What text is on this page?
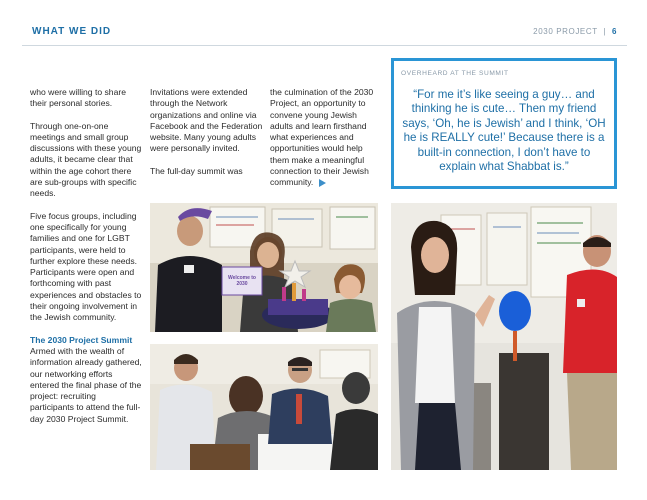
WHAT WE DID	2030 PROJECT | 6

who were willing to share their personal stories.

Through one-on-one meetings and small group discussions with these young adults, it became clear that within the age cohort there are sub-groups with specific needs.

Five focus groups, including one specifically for young families and one for LGBT participants, were held to further explore these needs. Participants were open and forthcoming with past experiences and obstacles to their ongoing involvement in the Jewish community.

The 2030 Project Summit

Armed with the wealth of information already gathered, our networking efforts entered the final phase of the project: recruiting participants to attend the full-day 2030 Project Summit.

Invitations were extended through the Network organizations and online via Facebook and the Federation website. Many young adults were personally invited.

The full-day summit was

the culmination of the 2030 Project, an opportunity to convene young Jewish adults and learn firsthand what experiences and opportunities would help them make a meaningful connection to their Jewish community.

OVERHEARD AT THE SUMMIT
“For me it’s like seeing a guy… and thinking he is cute… Then my friend says, ‘Oh, he is Jewish’ and I think, ‘OH he is REALLY cute!’ Because there is a built-in connection, I don’t have to explain what Shabbat is.”
Welcome to 2030
